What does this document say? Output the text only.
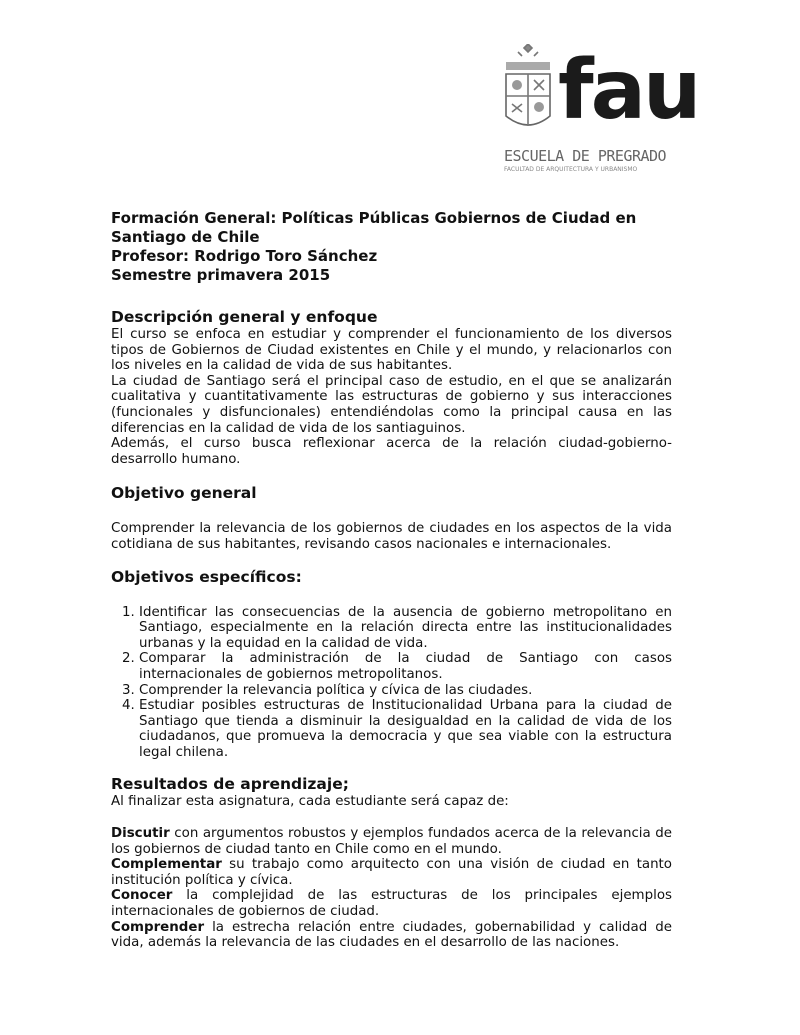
fau
ESCUELA DE PREGRADO
FACULTAD DE ARQUITECTURA Y URBANISMO

Formación General: Políticas Públicas Gobiernos de Ciudad en Santiago de Chile

Profesor: Rodrigo Toro Sánchez

Semestre primavera 2015

Descripción general y enfoque

El curso se enfoca en estudiar y comprender el funcionamiento de los diversos tipos de Gobiernos de Ciudad existentes en Chile y el mundo, y relacionarlos con los niveles en la calidad de vida de sus habitantes.

La ciudad de Santiago será el principal caso de estudio, en el que se analizarán cualitativa y cuantitativamente las estructuras de gobierno y sus interacciones (funcionales y disfuncionales) entendiéndolas como la principal causa en las diferencias en la calidad de vida de los santiaguinos.

Además, el curso busca reflexionar acerca de la relación ciudad-gobierno-desarrollo humano.

Objetivo general

Comprender la relevancia de los gobiernos de ciudades en los aspectos de la vida cotidiana de sus habitantes, revisando casos nacionales e internacionales.

Objetivos específicos:
1. Identificar las consecuencias de la ausencia de gobierno metropolitano en Santiago, especialmente en la relación directa entre las institucionalidades urbanas y la equidad en la calidad de vida.
2. Comparar la administración de la ciudad de Santiago con casos internacionales de gobiernos metropolitanos.
3. Comprender la relevancia política y cívica de las ciudades.
4. Estudiar posibles estructuras de Institucionalidad Urbana para la ciudad de Santiago que tienda a disminuir la desigualdad en la calidad de vida de los ciudadanos, que promueva la democracia y que sea viable con la estructura legal chilena.
Resultados de aprendizaje;

Al finalizar esta asignatura, cada estudiante será capaz de:

Discutir con argumentos robustos y ejemplos fundados acerca de la relevancia de los gobiernos de ciudad tanto en Chile como en el mundo.

Complementar su trabajo como arquitecto con una visión de ciudad en tanto institución política y cívica.

Conocer la complejidad de las estructuras de los principales ejemplos internacionales de gobiernos de ciudad.

Comprender la estrecha relación entre ciudades, gobernabilidad y calidad de vida, además la relevancia de las ciudades en el desarrollo de las naciones.
